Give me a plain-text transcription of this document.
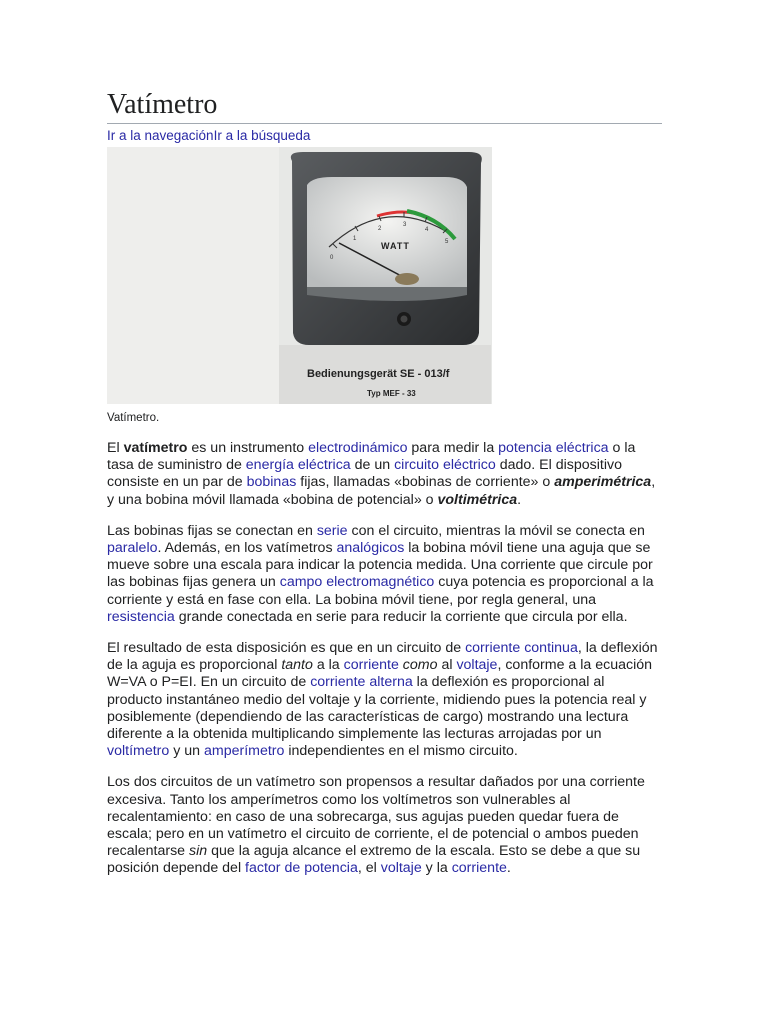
Vatímetro
Ir a la navegaciónIr a la búsqueda
0
1
2
3
4
5
WATT
Bedienungsgerät SE - 013/f
Typ MEF - 33
Vatímetro.

El vatímetro es un instrumento electrodinámico para medir la potencia eléctrica o la tasa de suministro de energía eléctrica de un circuito eléctrico dado. El dispositivo consiste en un par de bobinas fijas, llamadas «bobinas de corriente» o amperimétrica, y una bobina móvil llamada «bobina de potencial» o voltimétrica.

Las bobinas fijas se conectan en serie con el circuito, mientras la móvil se conecta en paralelo. Además, en los vatímetros analógicos la bobina móvil tiene una aguja que se mueve sobre una escala para indicar la potencia medida. Una corriente que circule por las bobinas fijas genera un campo electromagnético cuya potencia es proporcional a la corriente y está en fase con ella. La bobina móvil tiene, por regla general, una resistencia grande conectada en serie para reducir la corriente que circula por ella.

El resultado de esta disposición es que en un circuito de corriente continua, la deflexión de la aguja es proporcional tanto a la corriente como al voltaje, conforme a la ecuación W=VA o P=EI. En un circuito de corriente alterna la deflexión es proporcional al producto instantáneo medio del voltaje y la corriente, midiendo pues la potencia real y posiblemente (dependiendo de las características de cargo) mostrando una lectura diferente a la obtenida multiplicando simplemente las lecturas arrojadas por un voltímetro y un amperímetro independientes en el mismo circuito.

Los dos circuitos de un vatímetro son propensos a resultar dañados por una corriente excesiva. Tanto los amperímetros como los voltímetros son vulnerables al recalentamiento: en caso de una sobrecarga, sus agujas pueden quedar fuera de escala; pero en un vatímetro el circuito de corriente, el de potencial o ambos pueden recalentarse sin que la aguja alcance el extremo de la escala. Esto se debe a que su posición depende del factor de potencia, el voltaje y la corriente.
